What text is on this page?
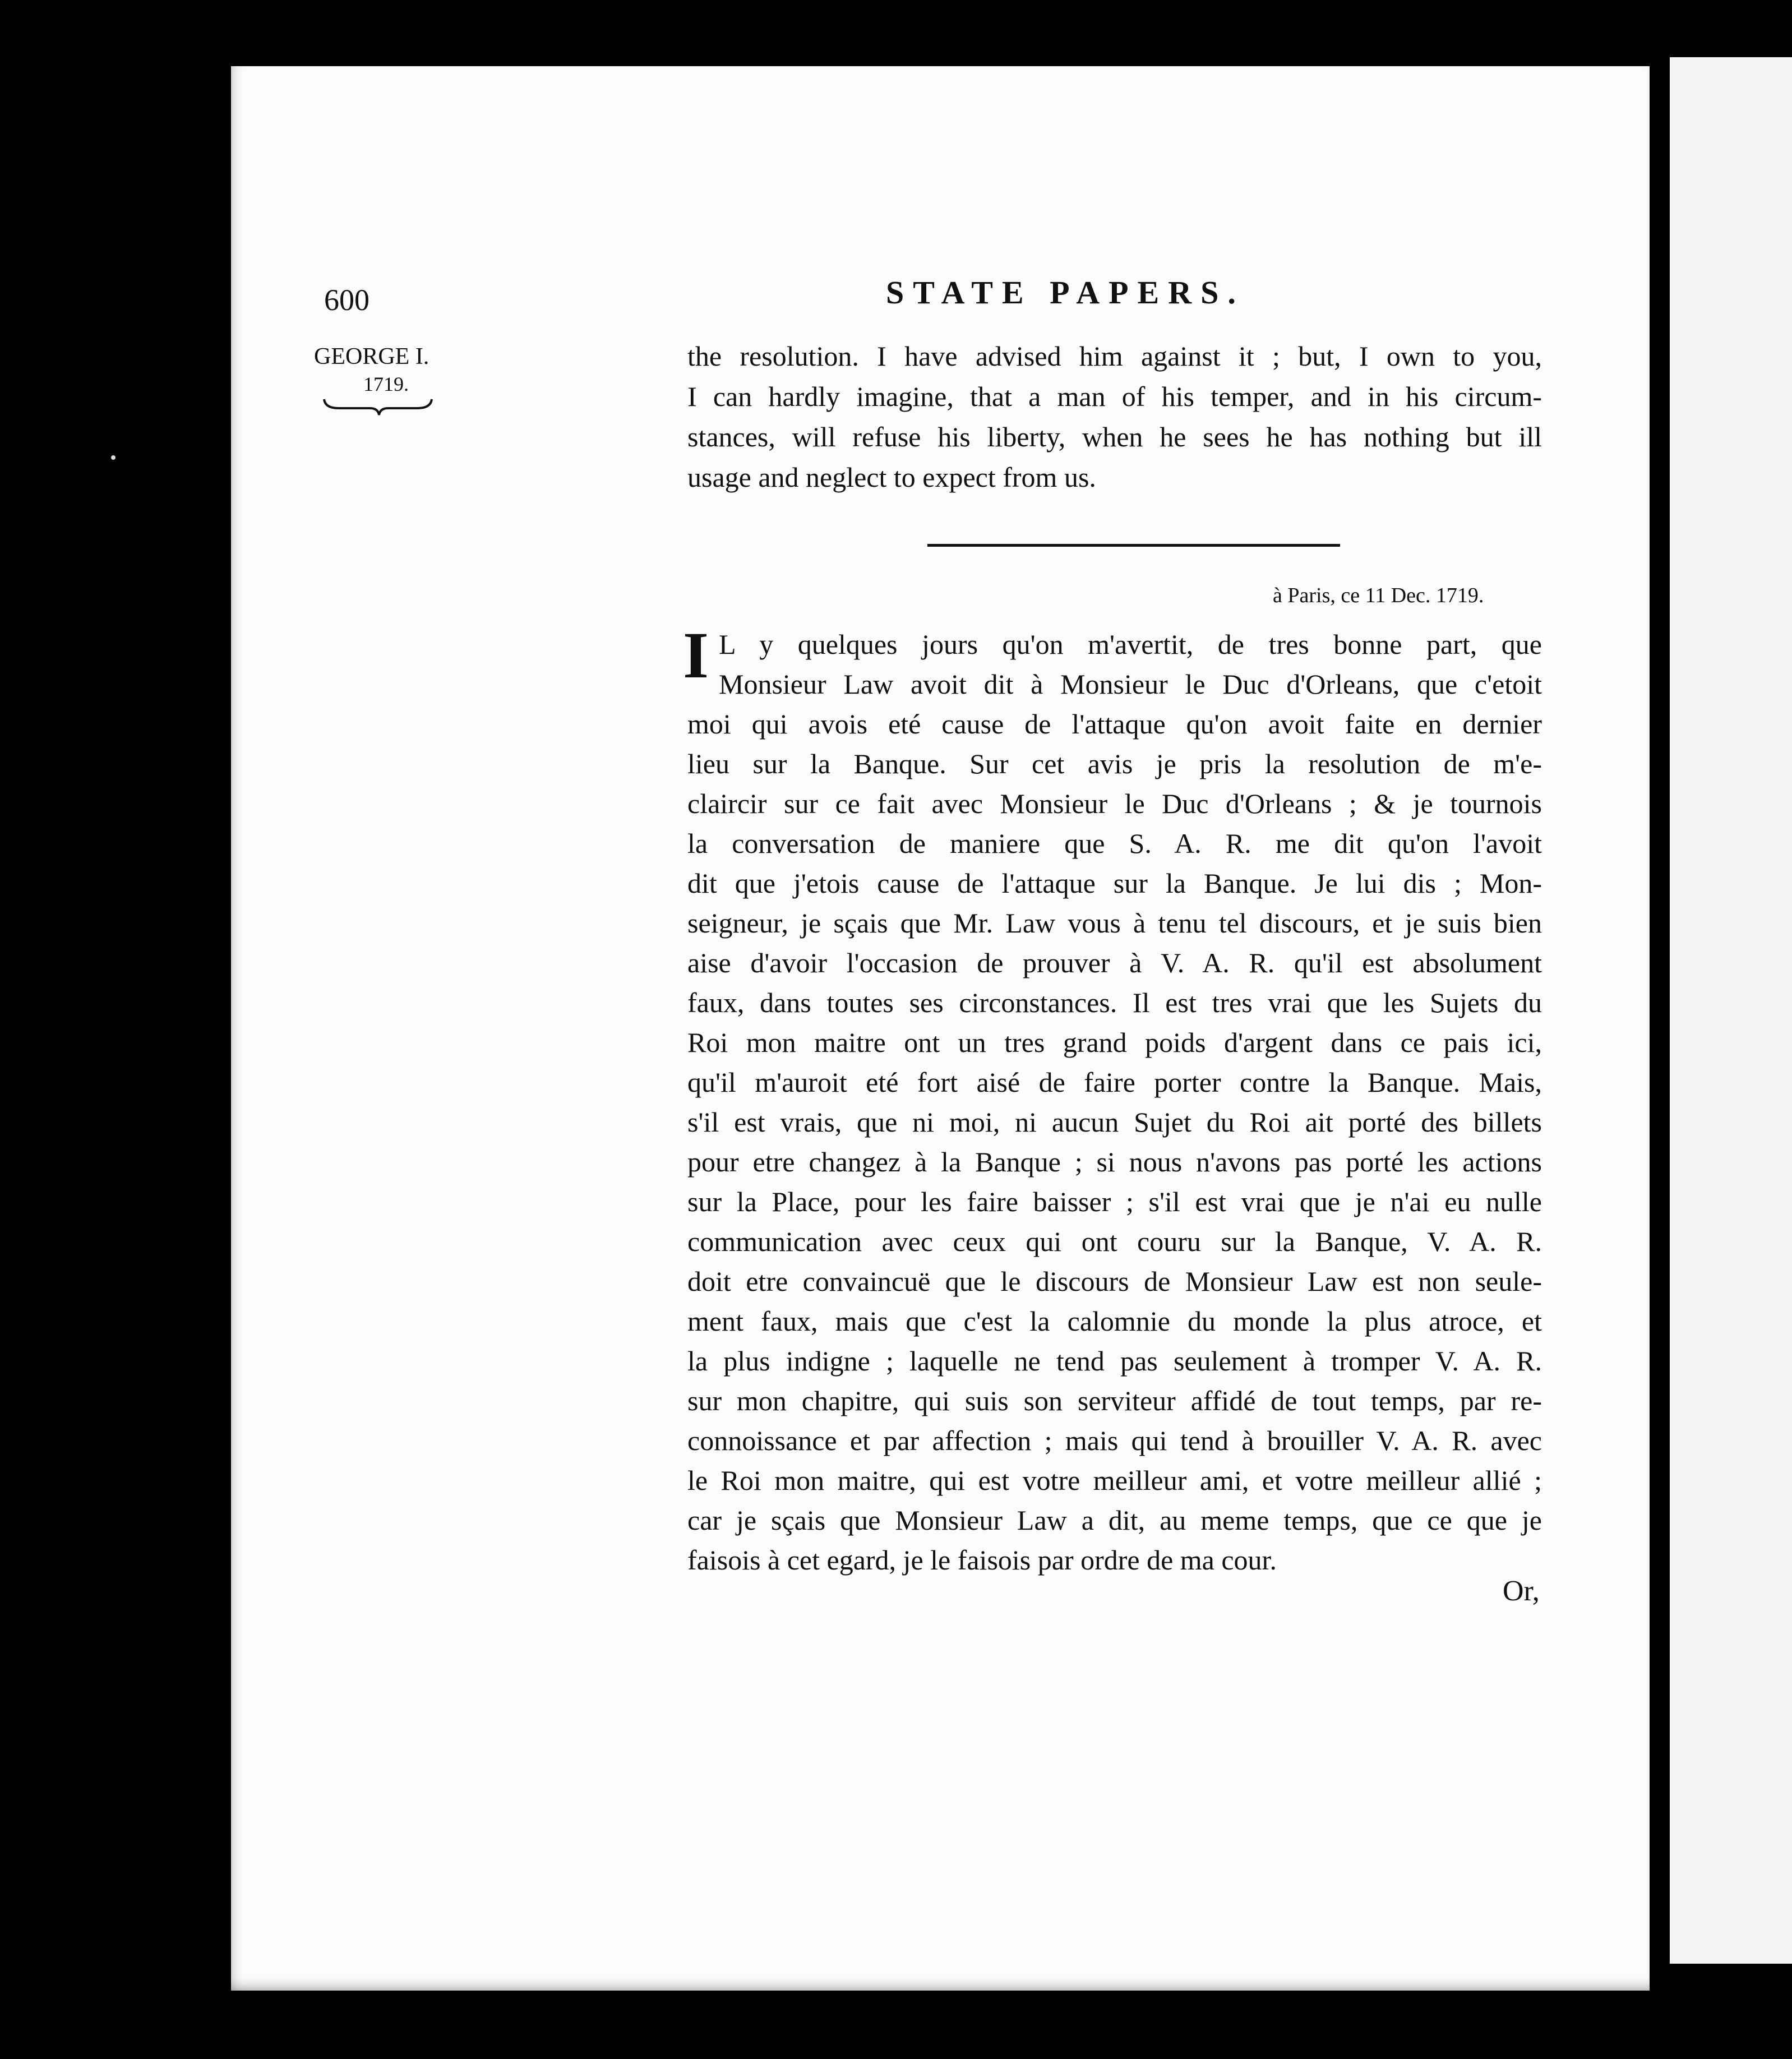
600	STATE PAPERS.
GEORGE I.
1719.
the resolution. I have advised him against it ; but, I own to you,
I can hardly imagine, that a man of his temper, and in his circum-
stances, will refuse his liberty, when he sees he has nothing but ill
usage and neglect to expect from us.
à Paris, ce 11 Dec. 1719.
I L y quelques jours qu'on m'avertit, de tres bonne part, que
Monsieur Law avoit dit à Monsieur le Duc d'Orleans, que c'etoit
moi qui avois eté cause de l'attaque qu'on avoit faite en dernier
lieu sur la Banque. Sur cet avis je pris la resolution de m'e-
claircir sur ce fait avec Monsieur le Duc d'Orleans ; & je tournois
la conversation de maniere que S. A. R. me dit qu'on l'avoit
dit que j'etois cause de l'attaque sur la Banque. Je lui dis ; Mon-
seigneur, je sçais que Mr. Law vous à tenu tel discours, et je suis bien
aise d'avoir l'occasion de prouver à V. A. R. qu'il est absolument
faux, dans toutes ses circonstances. Il est tres vrai que les Sujets du
Roi mon maitre ont un tres grand poids d'argent dans ce pais ici,
qu'il m'auroit eté fort aisé de faire porter contre la Banque. Mais,
s'il est vrais, que ni moi, ni aucun Sujet du Roi ait porté des billets
pour etre changez à la Banque ; si nous n'avons pas porté les actions
sur la Place, pour les faire baisser ; s'il est vrai que je n'ai eu nulle
communication avec ceux qui ont couru sur la Banque, V. A. R.
doit etre convaincuë que le discours de Monsieur Law est non seule-
ment faux, mais que c'est la calomnie du monde la plus atroce, et
la plus indigne ; laquelle ne tend pas seulement à tromper V. A. R.
sur mon chapitre, qui suis son serviteur affidé de tout temps, par re-
connoissance et par affection ; mais qui tend à brouiller V. A. R. avec
le Roi mon maitre, qui est votre meilleur ami, et votre meilleur allié ;
car je sçais que Monsieur Law a dit, au meme temps, que ce que je
faisois à cet egard, je le faisois par ordre de ma cour.
Or,
